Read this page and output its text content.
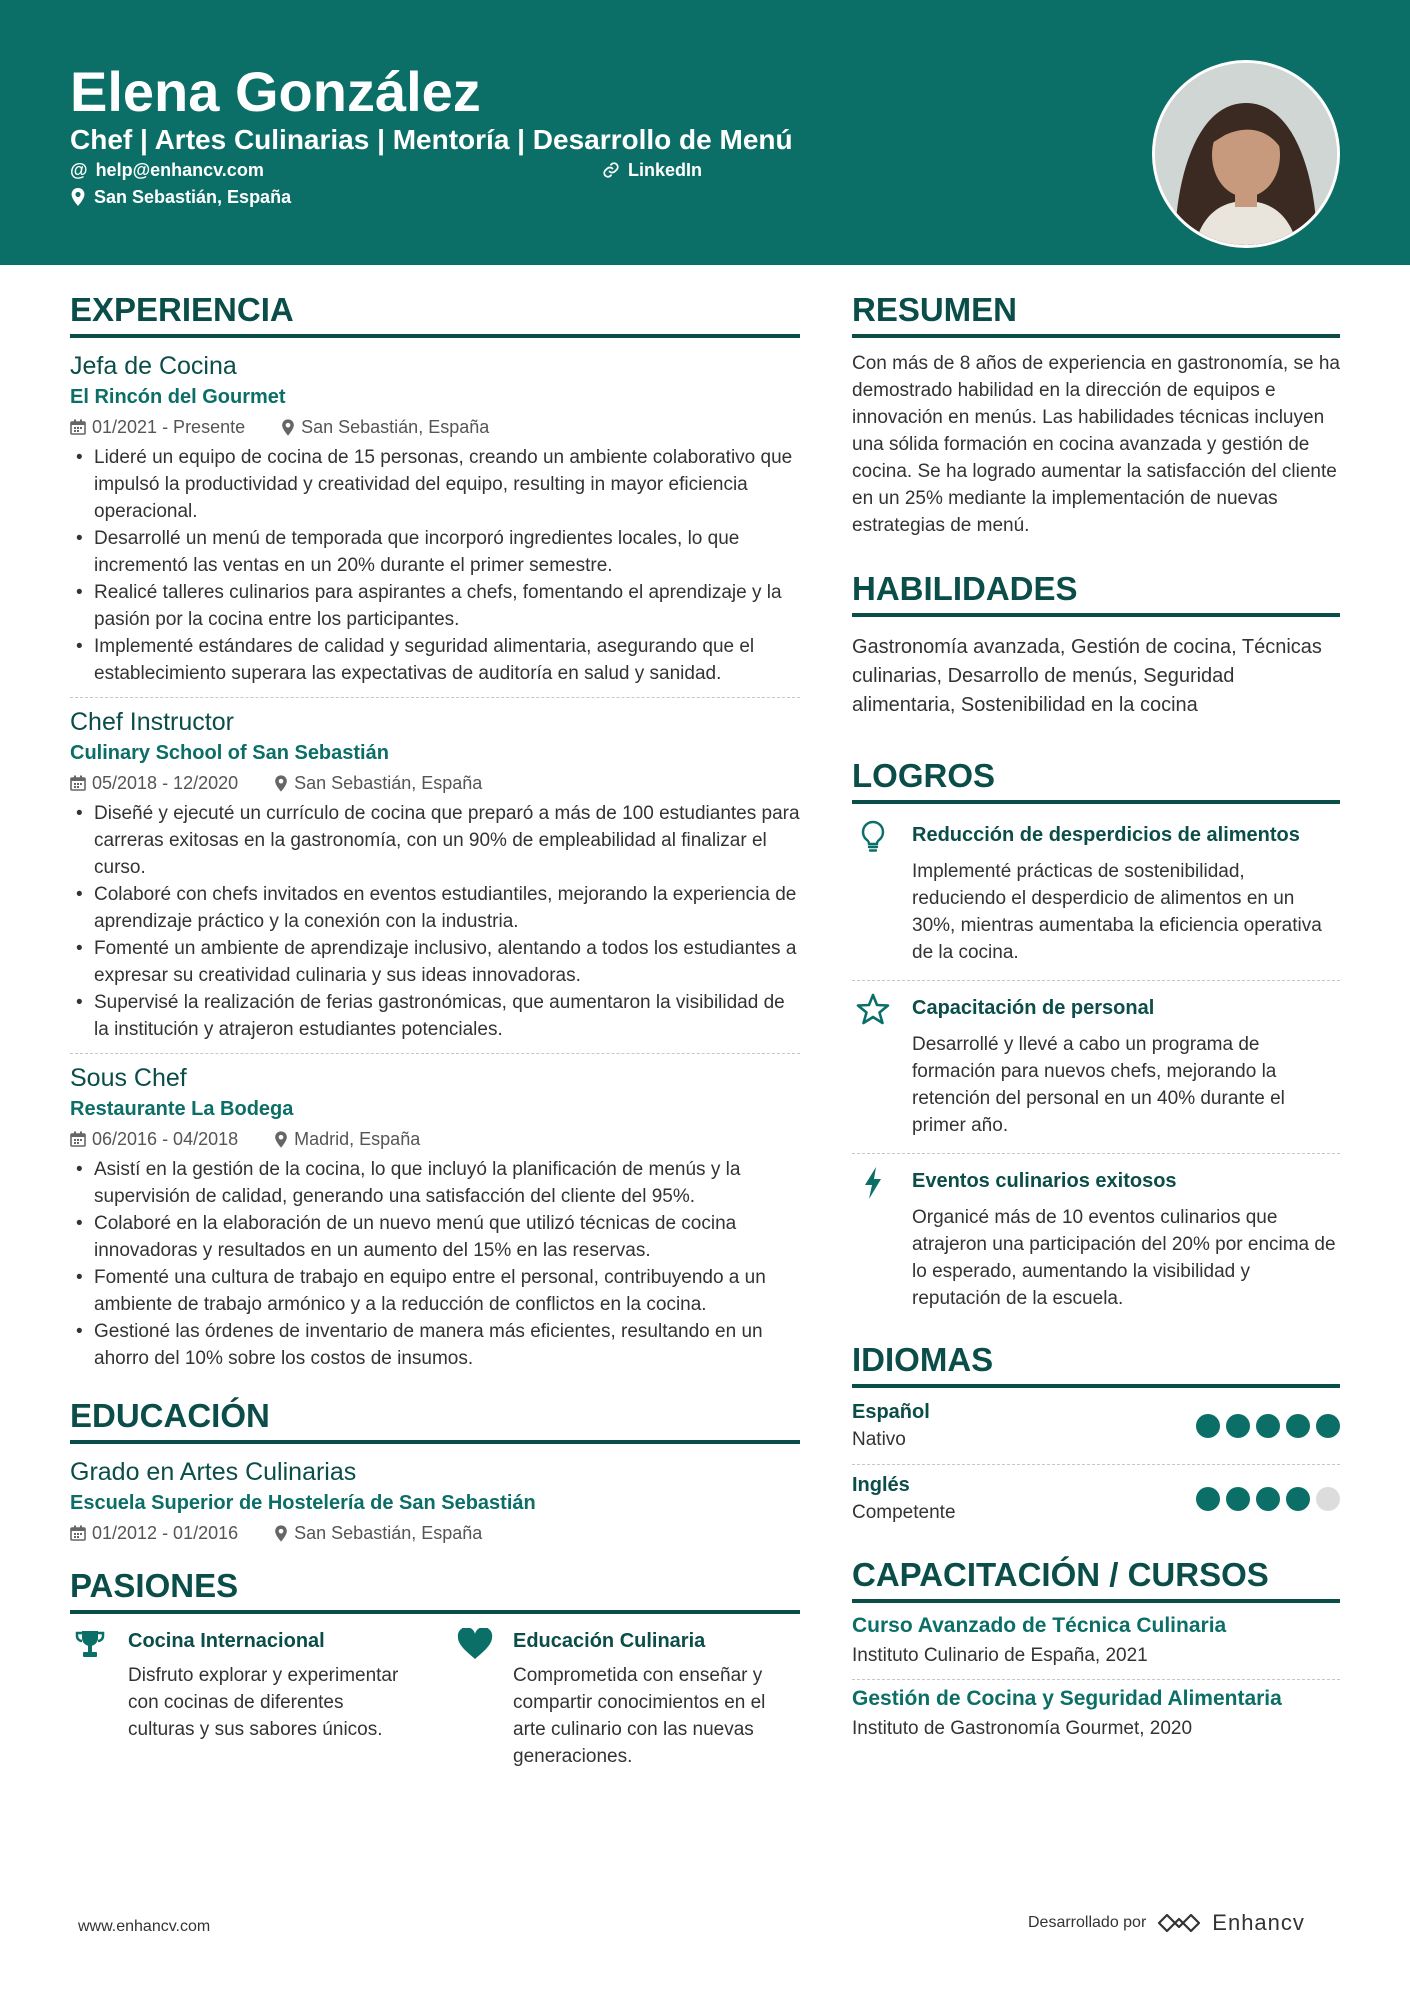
Elena González
Chef | Artes Culinarias | Mentoría | Desarrollo de Menú
@ help@enhancv.com	LinkedIn
San Sebastián, España
EXPERIENCIA
Jefa de Cocina
El Rincón del Gourmet
01/2021 - Presente	San Sebastián, España
• Lideré un equipo de cocina de 15 personas, creando un ambiente colaborativo que impulsó la productividad y creatividad del equipo, resulting in mayor eficiencia operacional.
• Desarrollé un menú de temporada que incorporó ingredientes locales, lo que incrementó las ventas en un 20% durante el primer semestre.
• Realicé talleres culinarios para aspirantes a chefs, fomentando el aprendizaje y la pasión por la cocina entre los participantes.
• Implementé estándares de calidad y seguridad alimentaria, asegurando que el establecimiento superara las expectativas de auditoría en salud y sanidad.
Chef Instructor
Culinary School of San Sebastián
05/2018 - 12/2020	San Sebastián, España
• Diseñé y ejecuté un currículo de cocina que preparó a más de 100 estudiantes para carreras exitosas en la gastronomía, con un 90% de empleabilidad al finalizar el curso.
• Colaboré con chefs invitados en eventos estudiantiles, mejorando la experiencia de aprendizaje práctico y la conexión con la industria.
• Fomenté un ambiente de aprendizaje inclusivo, alentando a todos los estudiantes a expresar su creatividad culinaria y sus ideas innovadoras.
• Supervisé la realización de ferias gastronómicas, que aumentaron la visibilidad de la institución y atrajeron estudiantes potenciales.
Sous Chef
Restaurante La Bodega
06/2016 - 04/2018	Madrid, España
• Asistí en la gestión de la cocina, lo que incluyó la planificación de menús y la supervisión de calidad, generando una satisfacción del cliente del 95%.
• Colaboré en la elaboración de un nuevo menú que utilizó técnicas de cocina innovadoras y resultados en un aumento del 15% en las reservas.
• Fomenté una cultura de trabajo en equipo entre el personal, contribuyendo a un ambiente de trabajo armónico y a la reducción de conflictos en la cocina.
• Gestioné las órdenes de inventario de manera más eficientes, resultando en un ahorro del 10% sobre los costos de insumos.
EDUCACIÓN
Grado en Artes Culinarias
Escuela Superior de Hostelería de San Sebastián
01/2012 - 01/2016	San Sebastián, España
PASIONES
Cocina Internacional
Disfruto explorar y experimentar con cocinas de diferentes culturas y sus sabores únicos.
Educación Culinaria
Comprometida con enseñar y compartir conocimientos en el arte culinario con las nuevas generaciones.
RESUMEN
Con más de 8 años de experiencia en gastronomía, se ha demostrado habilidad en la dirección de equipos e innovación en menús. Las habilidades técnicas incluyen una sólida formación en cocina avanzada y gestión de cocina. Se ha logrado aumentar la satisfacción del cliente en un 25% mediante la implementación de nuevas estrategias de menú.
HABILIDADES
Gastronomía avanzada, Gestión de cocina, Técnicas culinarias, Desarrollo de menús, Seguridad alimentaria, Sostenibilidad en la cocina
LOGROS
Reducción de desperdicios de alimentos
Implementé prácticas de sostenibilidad, reduciendo el desperdicio de alimentos en un 30%, mientras aumentaba la eficiencia operativa de la cocina.
Capacitación de personal
Desarrollé y llevé a cabo un programa de formación para nuevos chefs, mejorando la retención del personal en un 40% durante el primer año.
Eventos culinarios exitosos
Organicé más de 10 eventos culinarios que atrajeron una participación del 20% por encima de lo esperado, aumentando la visibilidad y reputación de la escuela.
IDIOMAS
Español
Nativo
Inglés
Competente
CAPACITACIÓN / CURSOS
Curso Avanzado de Técnica Culinaria
Instituto Culinario de España, 2021
Gestión de Cocina y Seguridad Alimentaria
Instituto de Gastronomía Gourmet, 2020
www.enhancv.com	Desarrollado por	Enhancv
